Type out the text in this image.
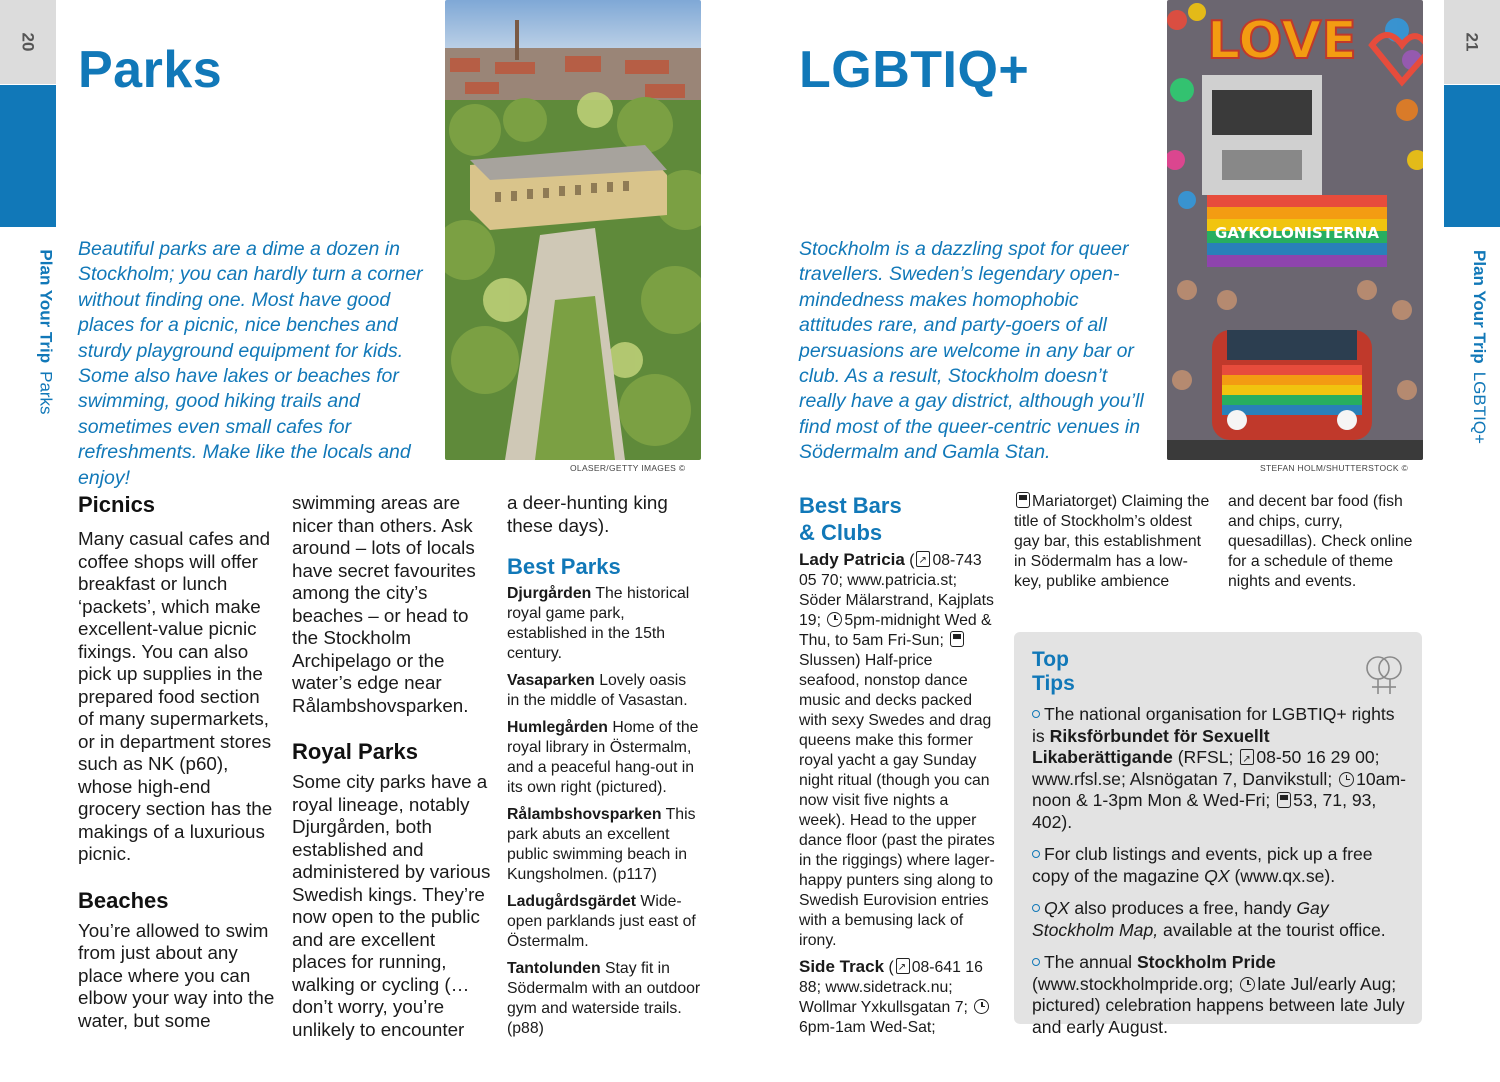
20
Plan Your TripParks
Parks
Beautiful parks are a dime a dozen in Stockholm; you can hardly turn a corner without finding one. Most have good places for a picnic, nice benches and sturdy playground equipment for kids. Some also have lakes or beaches for swimming, good hiking trails and sometimes even small cafes for refreshments. Make like the locals and enjoy!	OLASER/GETTY IMAGES ©
Picnics
Many casual cafes and coffee shops will offer breakfast or lunch ‘packets’, which make excellent-value picnic fixings. You can also pick up supplies in the prepared food section of many supermarkets, or in department stores such as NK (p60), whose high-end grocery section has the makings of a luxurious picnic.
Beaches
You’re allowed to swim from just about any place where you can elbow your way into the water, but some
swimming areas are nicer than others. Ask around – lots of locals have secret favourites among the city’s beaches – or head to the Stockholm Archipelago or the water’s edge near Rålambshovsparken.
Royal Parks
Some city parks have a royal lineage, notably Djurgården, both established and administered by various Swedish kings. They’re now open to the public and are excellent places for running, walking or cycling (…don’t worry, you’re unlikely to encounter
a deer-hunting king these days).
Best Parks
Djurgården The historical royal game park, established in the 15th century.
Vasaparken Lovely oasis in the middle of Vasastan.
Humlegården Home of the royal library in Östermalm, and a peaceful hang-out in its own right (pictured).
Rålambshovsparken This park abuts an excellent public swimming beach in Kungsholmen. (p117)
Ladugårdsgärdet Wide-open parklands just east of Östermalm.
Tantolunden Stay fit in Södermalm with an outdoor gym and waterside trails. (p88)
21
Plan Your TripLGBTIQ+
LGBTIQ+
Stockholm is a dazzling spot for queer travellers. Sweden’s legendary open-mindedness makes homophobic attitudes rare, and party-goers of all persuasions are welcome in any bar or club. As a result, Stockholm doesn’t really have a gay district, although you’ll find most of the queer-centric venues in Södermalm and Gamla Stan.
LOVE
GAYKOLONISTERNA
STEFAN HOLM/SHUTTERSTOCK ©
Best Bars
& Clubs
Lady Patricia ( ↗ 08-743 05 70; www.patricia.st; Söder Mälarstrand, Kajplats 19; 5pm-midnight Wed & Thu, to 5am Fri-Sun; Slussen) Half-price seafood, nonstop dance music and decks packed with sexy Swedes and drag queens make this former royal yacht a gay Sunday night ritual (though you can now visit five nights a week). Head to the upper dance floor (past the pirates in the riggings) where lager-happy punters sing along to Swedish Eurovision entries with a bemusing lack of irony.
Side Track ( ↗ 08-641 16 88; www.sidetrack.nu; Wollmar Yxkullsgatan 7; 6pm-1am Wed-Sat;
Mariatorget) Claiming the title of Stockholm’s oldest gay bar, this establishment in Södermalm has a low-key, publike ambience
and decent bar food (fish and chips, curry, quesadillas). Check online for a schedule of theme nights and events.
Top
Tips
The national organisation for LGBTIQ+ rights is Riksförbundet för Sexuellt Likaberättigande (RFSL; ↗ 08-50 16 29 00; www.rfsl.se; Alsnögatan 7, Danvikstull; 10am-noon & 1-3pm Mon & Wed-Fri; 53, 71, 93, 402).
For club listings and events, pick up a free copy of the magazine QX (www.qx.se).
QX also produces a free, handy Gay Stockholm Map, available at the tourist office.
The annual Stockholm Pride (www.stockholmpride.org; late Jul/early Aug; pictured) celebration happens between late July and early August.
